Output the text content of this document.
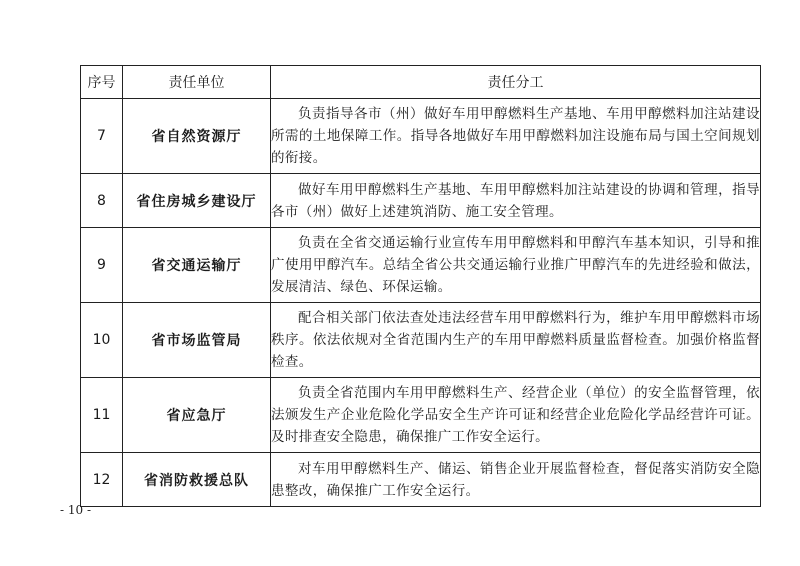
序号	责任单位	责任分工
7	省自然资源厅	负责指导各市（州）做好车用甲醇燃料生产基地、车用甲醇燃料加注站建设所需的土地保障工作。指导各地做好车用甲醇燃料加注设施布局与国土空间规划的衔接。
8	省住房城乡建设厅	做好车用甲醇燃料生产基地、车用甲醇燃料加注站建设的协调和管理，指导各市（州）做好上述建筑消防、施工安全管理。
9	省交通运输厅	负责在全省交通运输行业宣传车用甲醇燃料和甲醇汽车基本知识，引导和推广使用甲醇汽车。总结全省公共交通运输行业推广甲醇汽车的先进经验和做法，发展清洁、绿色、环保运输。
10	省市场监管局	配合相关部门依法查处违法经营车用甲醇燃料行为，维护车用甲醇燃料市场秩序。依法依规对全省范围内生产的车用甲醇燃料质量监督检查。加强价格监督检查。
11	省应急厅	负责全省范围内车用甲醇燃料生产、经营企业（单位）的安全监督管理，依法颁发生产企业危险化学品安全生产许可证和经营企业危险化学品经营许可证。及时排查安全隐患，确保推广工作安全运行。
12	省消防救援总队	对车用甲醇燃料生产、储运、销售企业开展监督检查，督促落实消防安全隐患整改，确保推广工作安全运行。
- 10 -
